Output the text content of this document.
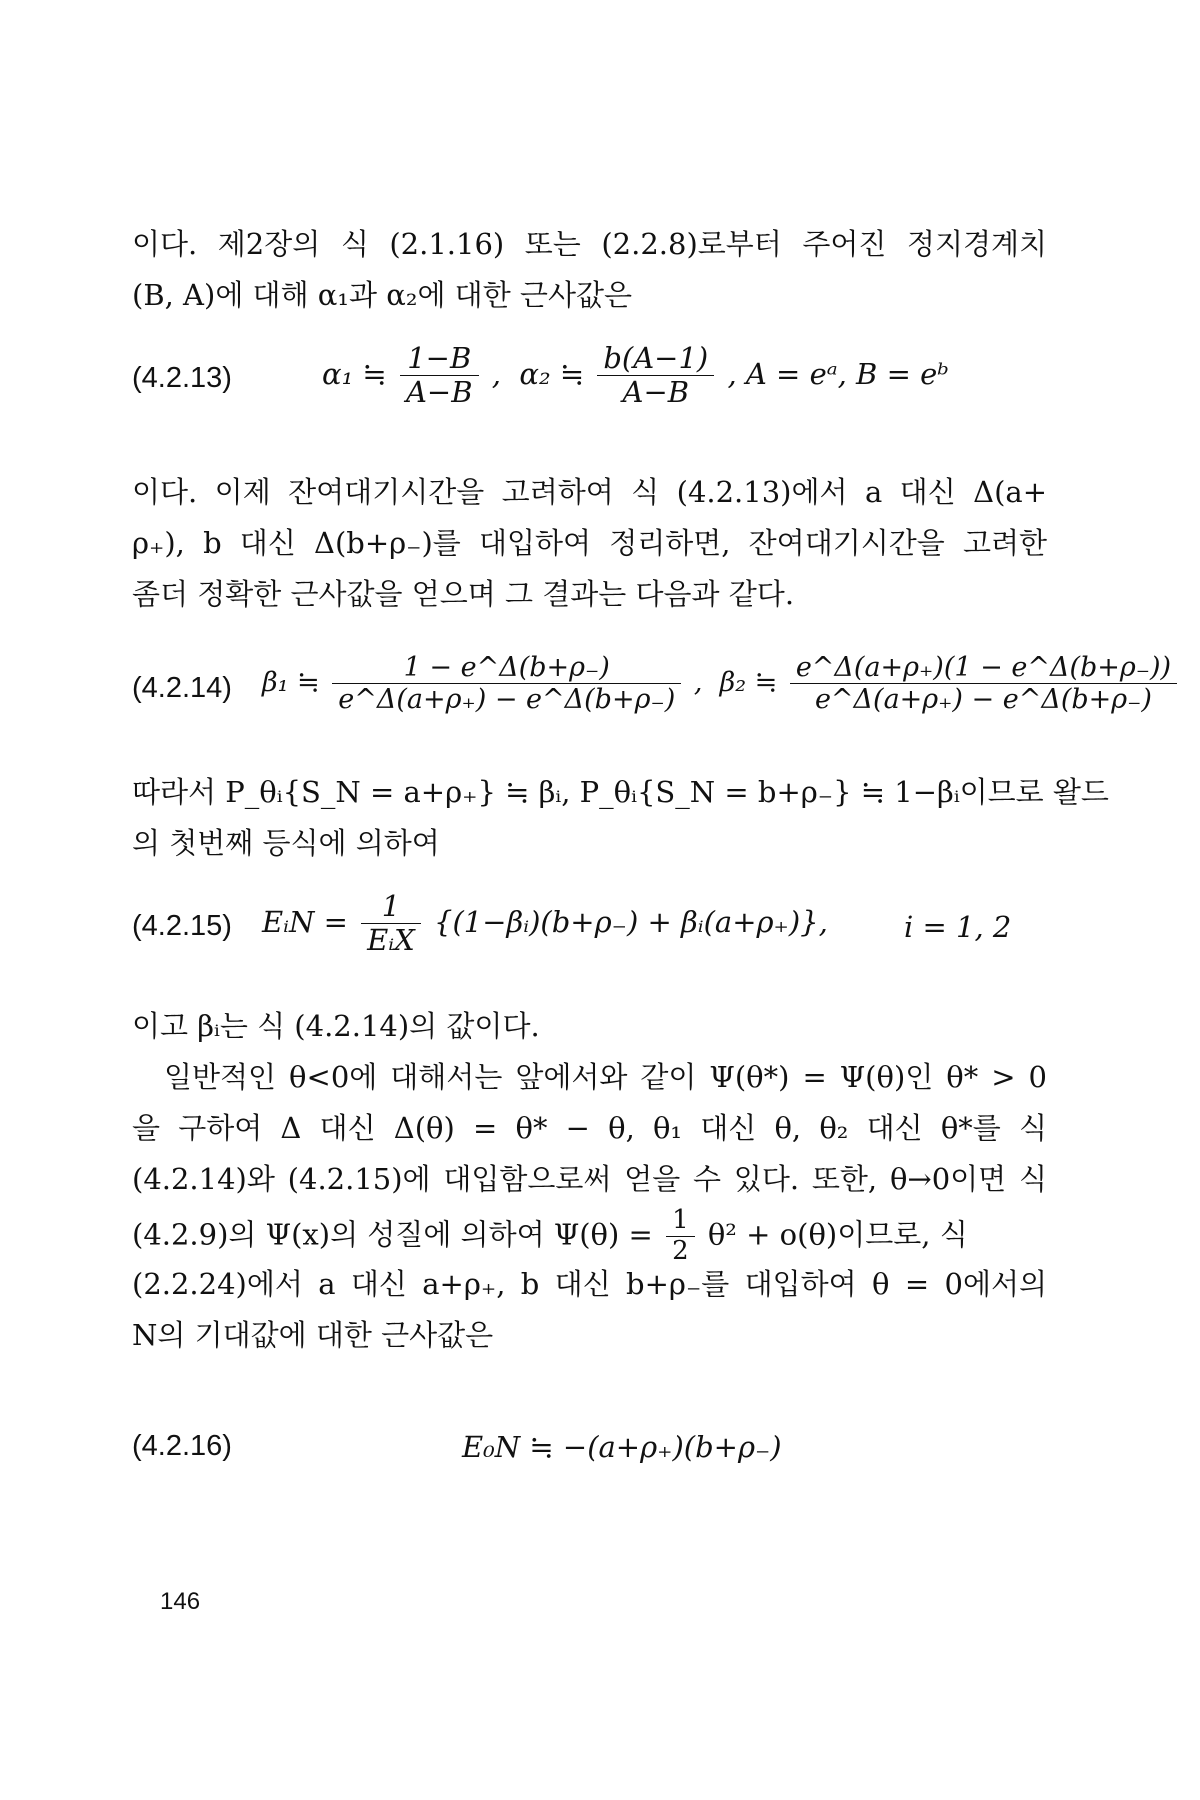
이다. 제2장의 식 (2.1.16) 또는 (2.2.8)로부터 주어진 정지경계치
(B, A)에 대해 α₁과 α₂에 대한 근사값은
(4.2.13)	α₁ ≒ $\frac{1-B}{A-B}$ , α₂ ≒ $\frac{b(A-1)}{A-B}$ , A = eᵃ, B = eᵇ
이다. 이제 잔여대기시간을 고려하여 식 (4.2.13)에서 a 대신 Δ(a+
ρ₊), b 대신 Δ(b+ρ₋)를 대입하여 정리하면, 잔여대기시간을 고려한
좀더 정확한 근사값을 얻으며 그 결과는 다음과 같다.
(4.2.14) β₁ ≒ $\frac{1 - e\^{}\Delta(b+\rho_-)}{e\^{}\Delta(a+\rho_+) - e\^{}\Delta(b+\rho_-)}$ , β₂ ≒ $\frac{e\^{}\Delta(a+\rho_+)(1 - e\^{}\Delta(b+\rho_-))}{e\^{}\Delta(a+\rho_+) - e\^{}\Delta(b+\rho_-)}$
따라서 P_θᵢ{S_N = a+ρ₊} ≒ βᵢ, P_θᵢ{S_N = b+ρ₋} ≒ 1−βᵢ이므로 왈드
의 첫번째 등식에 의하여
(4.2.15) EᵢN = $\frac{1}{\text{EᵢX}}$ {(1−βᵢ)(b+ρ₋) + βᵢ(a+ρ₊)},	i = 1, 2
이고 βᵢ는 식 (4.2.14)의 값이다.
일반적인 θ<0에 대해서는 앞에서와 같이 Ψ(θ*) = Ψ(θ)인 θ* > 0
을 구하여 Δ 대신 Δ(θ) = θ* − θ, θ₁ 대신 θ, θ₂ 대신 θ*를 식
(4.2.14)와 (4.2.15)에 대입함으로써 얻을 수 있다. 또한, θ→0이면 식
(4.2.9)의 Ψ(x)의 성질에 의하여 $\Psi(\theta) = \frac{1}{2} \theta^2 + o(\theta)$이므로, 식
(2.2.24)에서 a 대신 a+ρ₊, b 대신 b+ρ₋를 대입하여 θ = 0에서의
N의 기대값에 대한 근사값은
(4.2.16)	E₀N ≒ −(a+ρ₊)(b+ρ₋)
146
